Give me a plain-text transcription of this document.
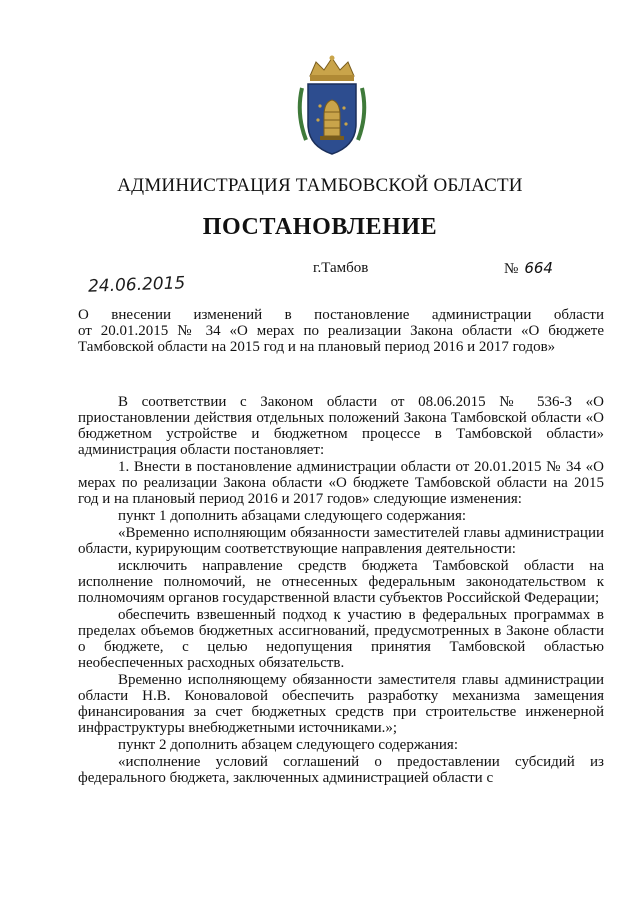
АДМИНИСТРАЦИЯ ТАМБОВСКОЙ ОБЛАСТИ
ПОСТАНОВЛЕНИЕ
24.06.2015
г.Тамбов	№ 664
О внесении изменений в постановление администрации области
от 20.01.2015 № 34 «О мерах по реализации Закона области «О бюджете
Тамбовской области на 2015 год и на плановый период 2016 и 2017 годов»

В соответствии с Законом области от 08.06.2015 № 536-З «О приостановлении действия отдельных положений Закона Тамбовской области «О бюджетном устройстве и бюджетном процессе в Тамбовской области» администрация области постановляет:

1. Внести в постановление администрации области от 20.01.2015 № 34 «О мерах по реализации Закона области «О бюджете Тамбовской области на 2015 год и на плановый период 2016 и 2017 годов» следующие изменения:

пункт 1 дополнить абзацами следующего содержания:

«Временно исполняющим обязанности заместителей главы администрации области, курирующим соответствующие направления деятельности:

исключить направление средств бюджета Тамбовской области на исполнение полномочий, не отнесенных федеральным законодательством к полномочиям органов государственной власти субъектов Российской Федерации;

обеспечить взвешенный подход к участию в федеральных программах в пределах объемов бюджетных ассигнований, предусмотренных в Законе области о бюджете, с целью недопущения принятия Тамбовской областью необеспеченных расходных обязательств.

Временно исполняющему обязанности заместителя главы администрации области Н.В. Коноваловой обеспечить разработку механизма замещения финансирования за счет бюджетных средств при строительстве инженерной инфраструктуры внебюджетными источниками.»;

пункт 2 дополнить абзацем следующего содержания:

«исполнение условий соглашений о предоставлении субсидий из федерального бюджета, заключенных администрацией области с
